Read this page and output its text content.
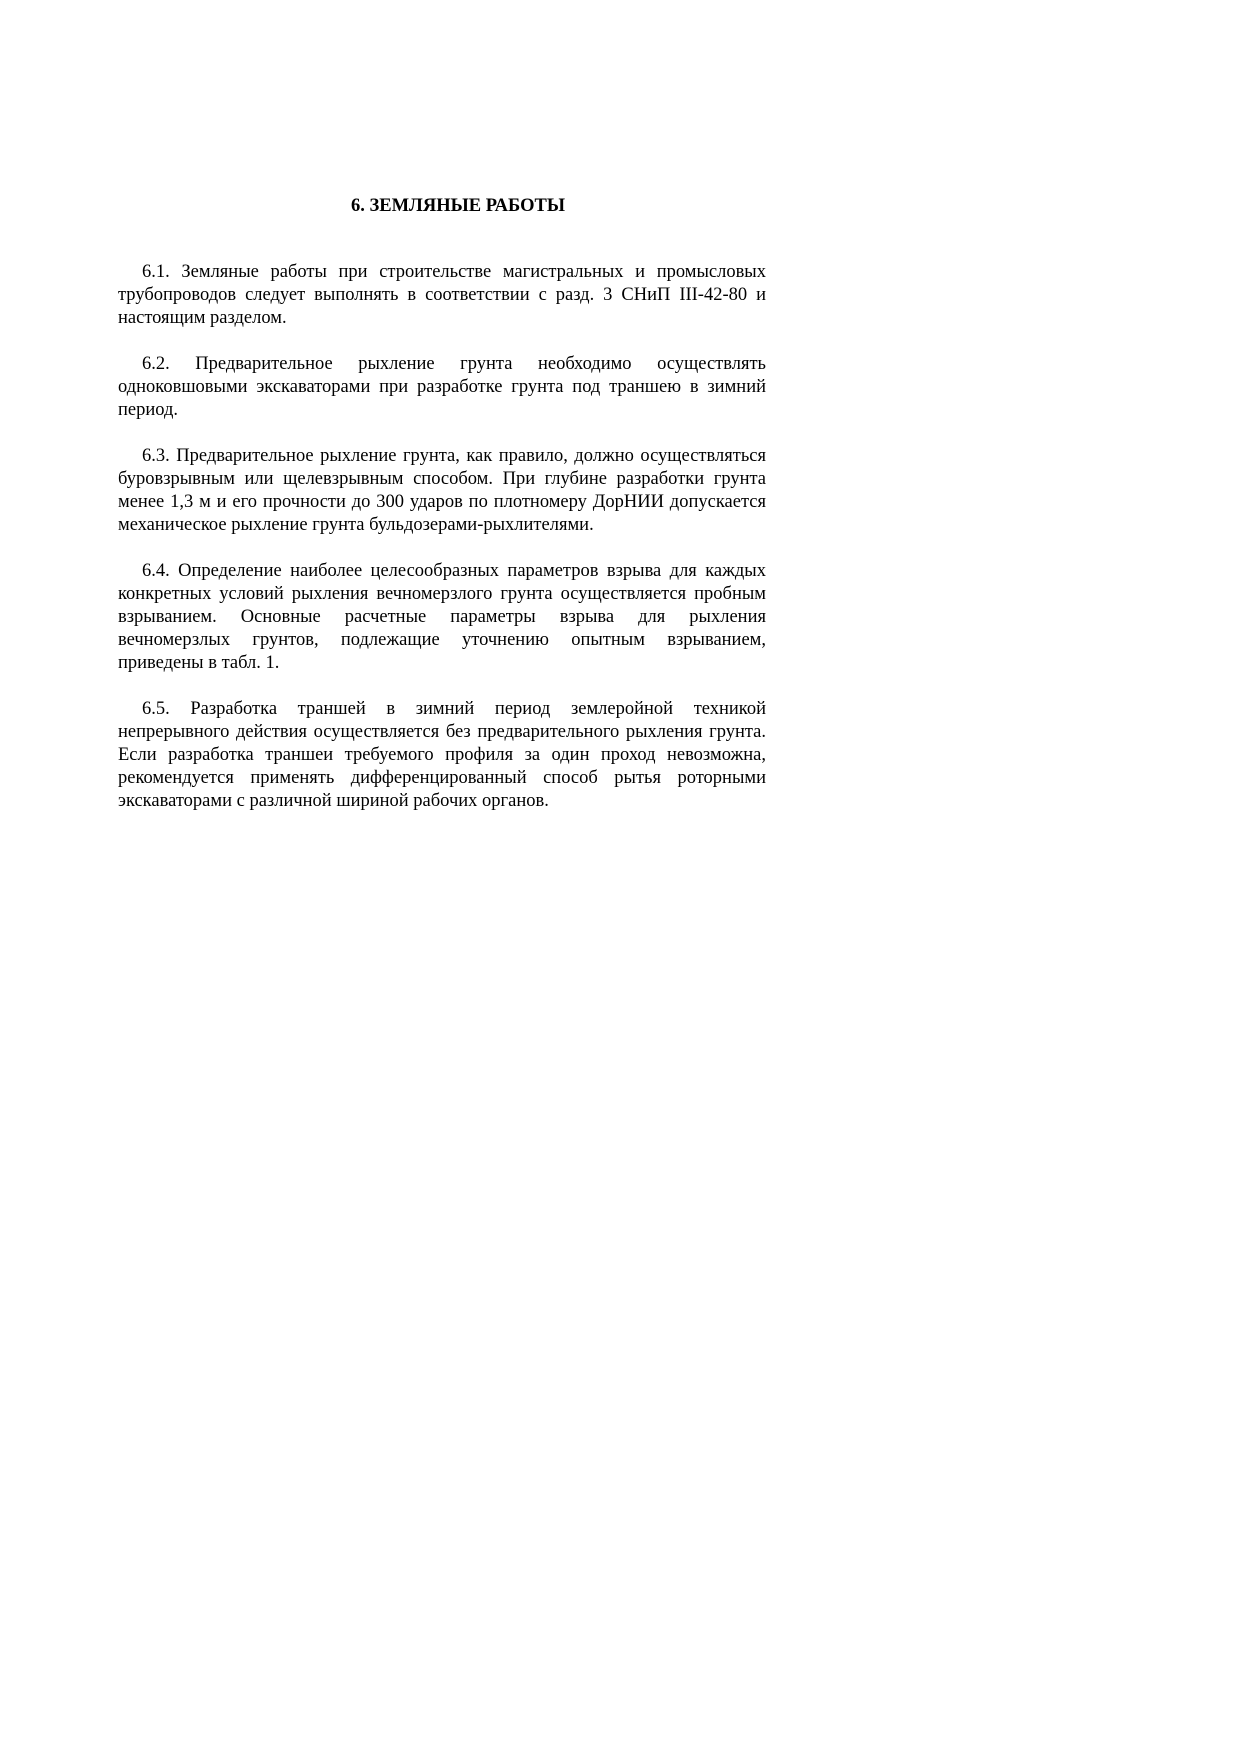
6. ЗЕМЛЯНЫЕ РАБОТЫ

6.1. Земляные работы при строительстве магистральных и промысловых трубопроводов следует выполнять в соответствии с разд. 3 СНиП III-42-80 и настоящим разделом.

6.2. Предварительное рыхление грунта необходимо осуществлять одноковшовыми экскаваторами при разработке грунта под траншею в зимний период.

6.3. Предварительное рыхление грунта, как правило, должно осуществляться буровзрывным или щелевзрывным способом. При глубине разработки грунта менее 1,3 м и его прочности до 300 ударов по плотномеру ДорНИИ допускается механическое рыхление грунта бульдозерами-рыхлителями.

6.4. Определение наиболее целесообразных параметров взрыва для каждых конкретных условий рыхления вечномерзлого грунта осуществляется пробным взрыванием. Основные расчетные параметры взрыва для рыхления вечномерзлых грунтов, подлежащие уточнению опытным взрыванием, приведены в табл. 1.

6.5. Разработка траншей в зимний период землеройной техникой непрерывного действия осуществляется без предварительного рыхления грунта. Если разработка траншеи требуемого профиля за один проход невозможна, рекомендуется применять дифференцированный способ рытья роторными экскаваторами с различной шириной рабочих органов.
